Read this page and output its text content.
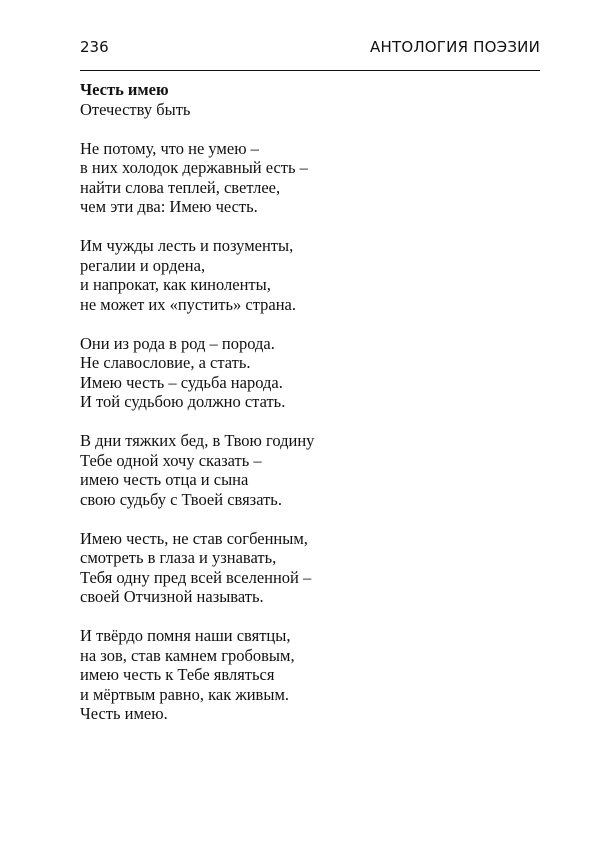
236	АНТОЛОГИЯ ПОЭЗИИ

Честь имею

Отечеству быть

Не потому, что не умею –
в них холодок державный есть –
найти слова теплей, светлее,
чем эти два: Имею честь.
Им чужды лесть и позументы,
регалии и ордена,
и напрокат, как киноленты,
не может их «пустить» страна.
Они из рода в род – порода.
Не славословие, а стать.
Имею честь – судьба народа.
И той судьбою должно стать.
В дни тяжких бед, в Твою годину
Тебе одной хочу сказать –
имею честь отца и сына
свою судьбу с Твоей связать.
Имею честь, не став согбенным,
смотреть в глаза и узнавать,
Тебя одну пред всей вселенной –
своей Отчизной называть.
И твёрдо помня наши святцы,
на зов, став камнем гробовым,
имею честь к Тебе являться
и мёртвым равно, как живым.
Честь имею.
